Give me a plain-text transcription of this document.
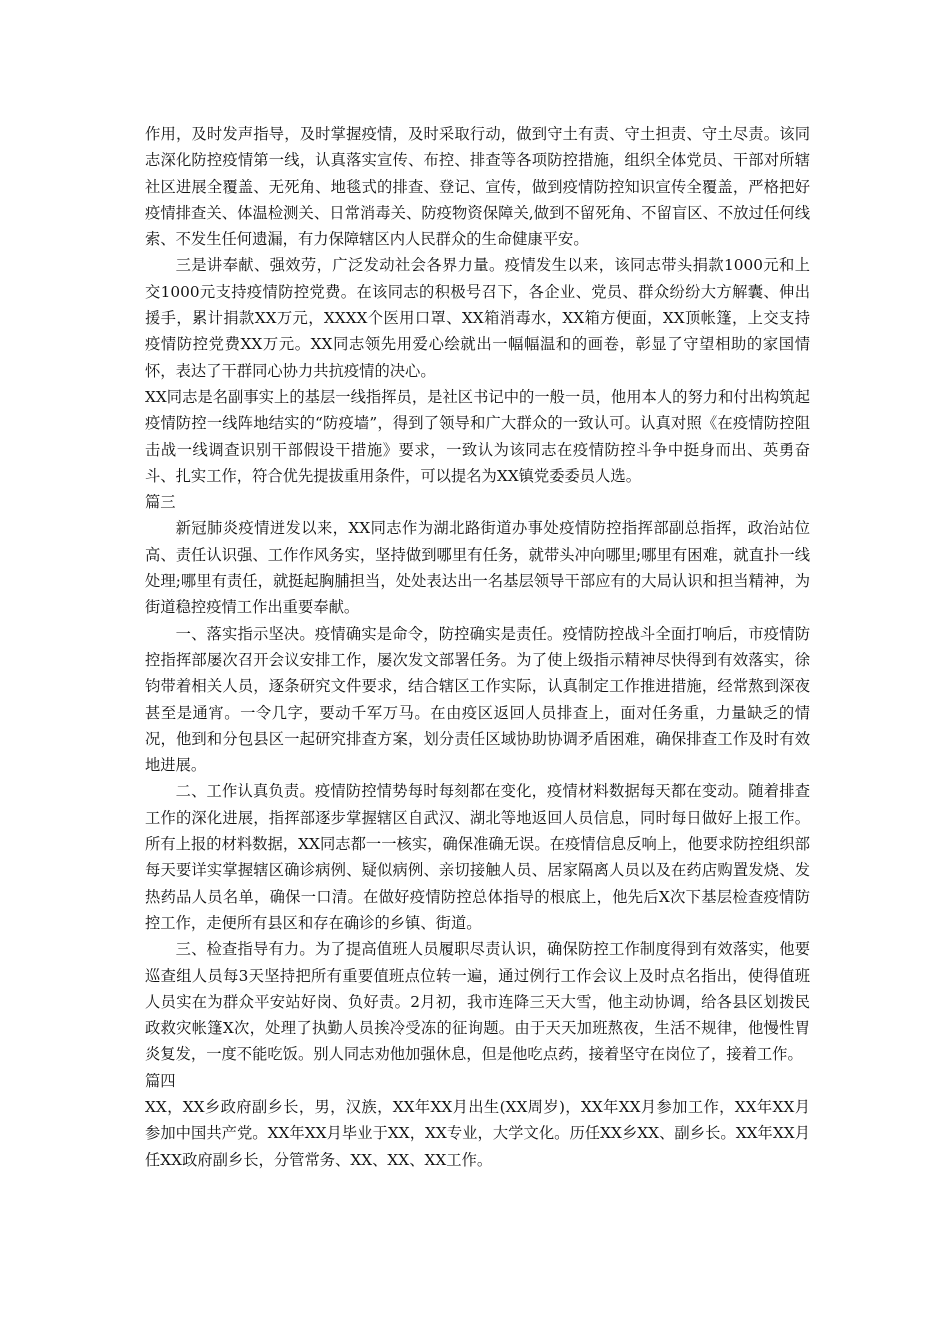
作用，及时发声指导，及时掌握疫情，及时采取行动，做到守土有责、守土担责、守土尽责。该同志深化防控疫情第一线，认真落实宣传、布控、排查等各项防控措施，组织全体党员、干部对所辖社区进展全覆盖、无死角、地毯式的排查、登记、宣传，做到疫情防控知识宣传全覆盖，严格把好疫情排查关、体温检测关、日常消毒关、防疫物资保障关,做到不留死角、不留盲区、不放过任何线索、不发生任何遗漏，有力保障辖区内人民群众的生命健康平安。

三是讲奉献、强效劳，广泛发动社会各界力量。疫情发生以来，该同志带头捐款1000元和上交1000元支持疫情防控党费。在该同志的积极号召下，各企业、党员、群众纷纷大方解囊、伸出援手，累计捐款XX万元，XXXX个医用口罩、XX箱消毒水，XX箱方便面，XX顶帐篷，上交支持疫情防控党费XX万元。XX同志领先用爱心绘就出一幅幅温和的画卷，彰显了守望相助的家国情怀，表达了干群同心协力共抗疫情的决心。

XX同志是名副事实上的基层一线指挥员，是社区书记中的一般一员，他用本人的努力和付出构筑起疫情防控一线阵地结实的“防疫墙”，得到了领导和广大群众的一致认可。认真对照《在疫情防控阻击战一线调查识别干部假设干措施》要求，一致认为该同志在疫情防控斗争中挺身而出、英勇奋斗、扎实工作，符合优先提拔重用条件，可以提名为XX镇党委委员人选。

篇三

新冠肺炎疫情迸发以来，XX同志作为湖北路街道办事处疫情防控指挥部副总指挥，政治站位高、责任认识强、工作作风务实，坚持做到哪里有任务，就带头冲向哪里;哪里有困难，就直扑一线处理;哪里有责任，就挺起胸脯担当，处处表达出一名基层领导干部应有的大局认识和担当精神，为街道稳控疫情工作出重要奉献。

一、落实指示坚决。疫情确实是命令，防控确实是责任。疫情防控战斗全面打响后，市疫情防控指挥部屡次召开会议安排工作，屡次发文部署任务。为了使上级指示精神尽快得到有效落实，徐钧带着相关人员，逐条研究文件要求，结合辖区工作实际，认真制定工作推进措施，经常熬到深夜甚至是通宵。一令几字，要动千军万马。在由疫区返回人员排查上，面对任务重，力量缺乏的情况，他到和分包县区一起研究排查方案，划分责任区域协助协调矛盾困难，确保排查工作及时有效地进展。

二、工作认真负责。疫情防控情势每时每刻都在变化，疫情材料数据每天都在变动。随着排查工作的深化进展，指挥部逐步掌握辖区自武汉、湖北等地返回人员信息，同时每日做好上报工作。所有上报的材料数据，XX同志都一一核实，确保准确无误。在疫情信息反响上，他要求防控组织部每天要详实掌握辖区确诊病例、疑似病例、亲切接触人员、居家隔离人员以及在药店购置发烧、发热药品人员名单，确保一口清。在做好疫情防控总体指导的根底上，他先后X次下基层检查疫情防控工作，走便所有县区和存在确诊的乡镇、街道。

三、检查指导有力。为了提高值班人员履职尽责认识，确保防控工作制度得到有效落实，他要巡查组人员每3天坚持把所有重要值班点位转一遍，通过例行工作会议上及时点名指出，使得值班人员实在为群众平安站好岗、负好责。2月初，我市连降三天大雪，他主动协调，给各县区划拨民政救灾帐篷X次，处理了执勤人员挨冷受冻的征询题。由于天天加班熬夜，生活不规律，他慢性胃炎复发，一度不能吃饭。别人同志劝他加强休息，但是他吃点药，接着坚守在岗位了，接着工作。

篇四

XX，XX乡政府副乡长，男，汉族，XX年XX月出生(XX周岁)，XX年XX月参加工作，XX年XX月参加中国共产党。XX年XX月毕业于XX，XX专业，大学文化。历任XX乡XX、副乡长。XX年XX月任XX政府副乡长，分管常务、XX、XX、XX工作。
